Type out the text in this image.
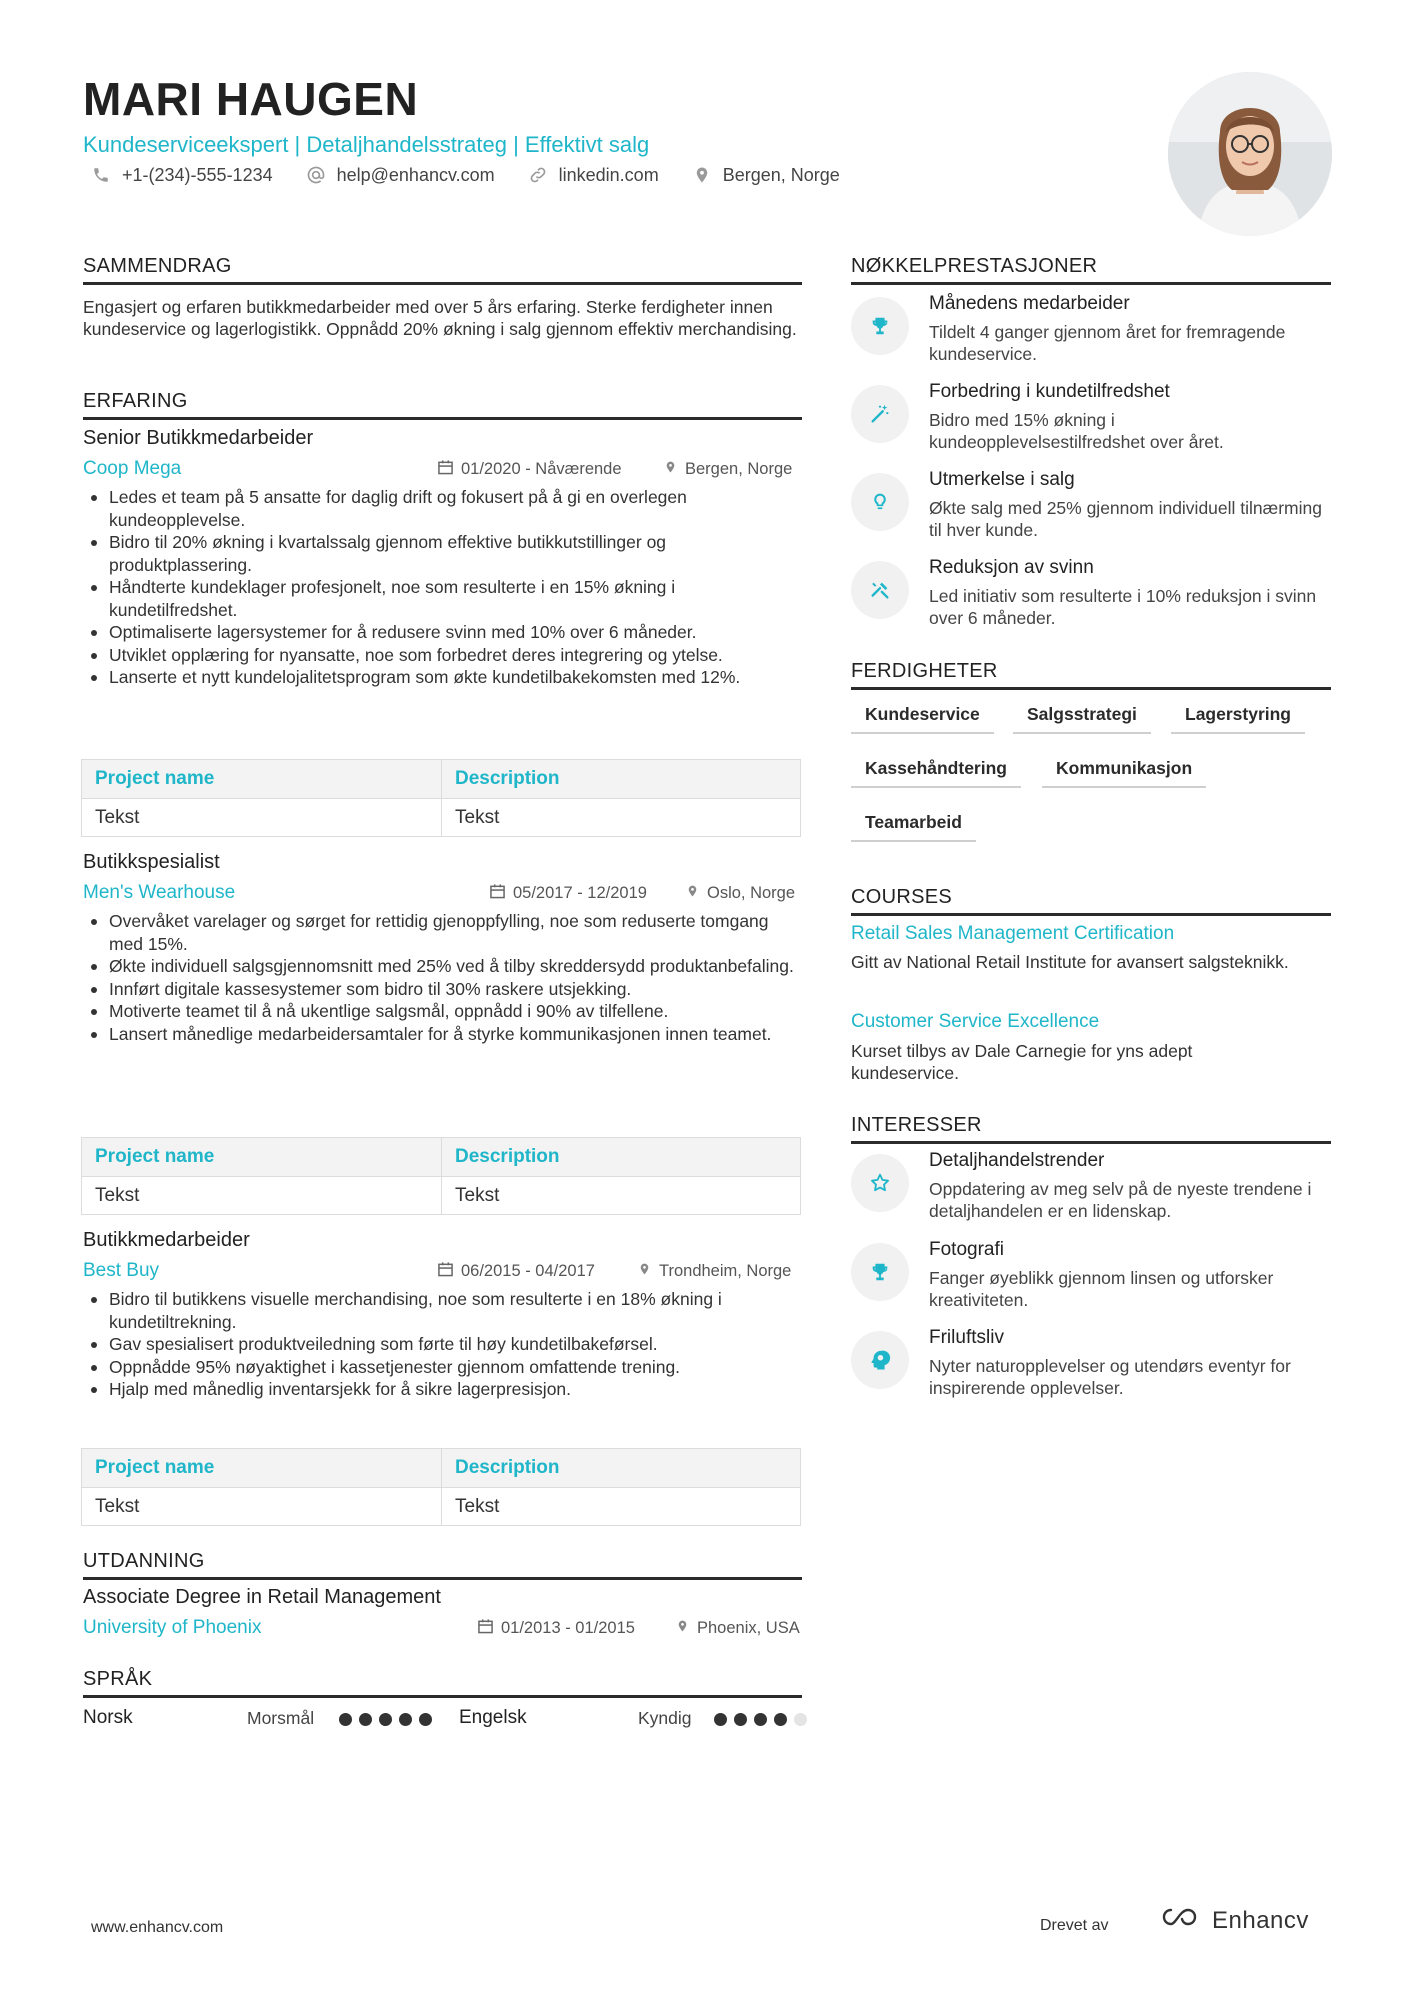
MARI HAUGEN
Kundeserviceekspert | Detaljhandelsstrateg | Effektivt salg
+1-(234)-555-1234	help@enhancv.com	linkedin.com	Bergen, Norge
SAMMENDRAG
Engasjert og erfaren butikkmedarbeider med over 5 års erfaring. Sterke ferdigheter innen kundeservice og lagerlogistikk. Oppnådd 20% økning i salg gjennom effektiv merchandising.
ERFARING
Senior Butikkmedarbeider
Coop Mega	01/2020 - Nåværende	Bergen, Norge
Ledes et team på 5 ansatte for daglig drift og fokusert på å gi en overlegen kundeopplevelse.
Bidro til 20% økning i kvartalssalg gjennom effektive butikkutstillinger og produktplassering.
Håndterte kundeklager profesjonelt, noe som resulterte i en 15% økning i kundetilfredshet.
Optimaliserte lagersystemer for å redusere svinn med 10% over 6 måneder.
Utviklet opplæring for nyansatte, noe som forbedret deres integrering og ytelse.
Lanserte et nytt kundelojalitetsprogram som økte kundetilbakekomsten med 12%.
Project name	Description
Tekst	Tekst
Butikkspesialist
Men's Wearhouse	05/2017 - 12/2019	Oslo, Norge
Overvåket varelager og sørget for rettidig gjenoppfylling, noe som reduserte tomgang med 15%.
Økte individuell salgsgjennomsnitt med 25% ved å tilby skreddersydd produktanbefaling.
Innført digitale kassesystemer som bidro til 30% raskere utsjekking.
Motiverte teamet til å nå ukentlige salgsmål, oppnådd i 90% av tilfellene.
Lansert månedlige medarbeidersamtaler for å styrke kommunikasjonen innen teamet.
Project name	Description
Tekst	Tekst
Butikkmedarbeider
Best Buy	06/2015 - 04/2017	Trondheim, Norge
Bidro til butikkens visuelle merchandising, noe som resulterte i en 18% økning i kundetiltrekning.
Gav spesialisert produktveiledning som førte til høy kundetilbakeførsel.
Oppnådde 95% nøyaktighet i kassetjenester gjennom omfattende trening.
Hjalp med månedlig inventarsjekk for å sikre lagerpresisjon.
Project name	Description
Tekst	Tekst
UTDANNING
Associate Degree in Retail Management
University of Phoenix	01/2013 - 01/2015	Phoenix, USA
SPRÅK
Norsk	Morsmål	Engelsk	Kyndig
NØKKELPRESTASJONER
Månedens medarbeider
Tildelt 4 ganger gjennom året for fremragende kundeservice.
Forbedring i kundetilfredshet
Bidro med 15% økning i kundeopplevelsestilfredshet over året.
Utmerkelse i salg
Økte salg med 25% gjennom individuell tilnærming til hver kunde.
Reduksjon av svinn
Led initiativ som resulterte i 10% reduksjon i svinn over 6 måneder.
FERDIGHETER
Kundeservice	Salgsstrategi	Lagerstyring
Kassehåndtering	Kommunikasjon
Teamarbeid
COURSES
Retail Sales Management Certification
Gitt av National Retail Institute for avansert salgsteknikk.
Customer Service Excellence
Kurset tilbys av Dale Carnegie for yns adept kundeservice.
INTERESSER
Detaljhandelstrender
Oppdatering av meg selv på de nyeste trendene i detaljhandelen er en lidenskap.
Fotografi
Fanger øyeblikk gjennom linsen og utforsker kreativiteten.
Friluftsliv
Nyter naturopplevelser og utendørs eventyr for inspirerende opplevelser.
www.enhancv.com	Drevet av	Enhancv
